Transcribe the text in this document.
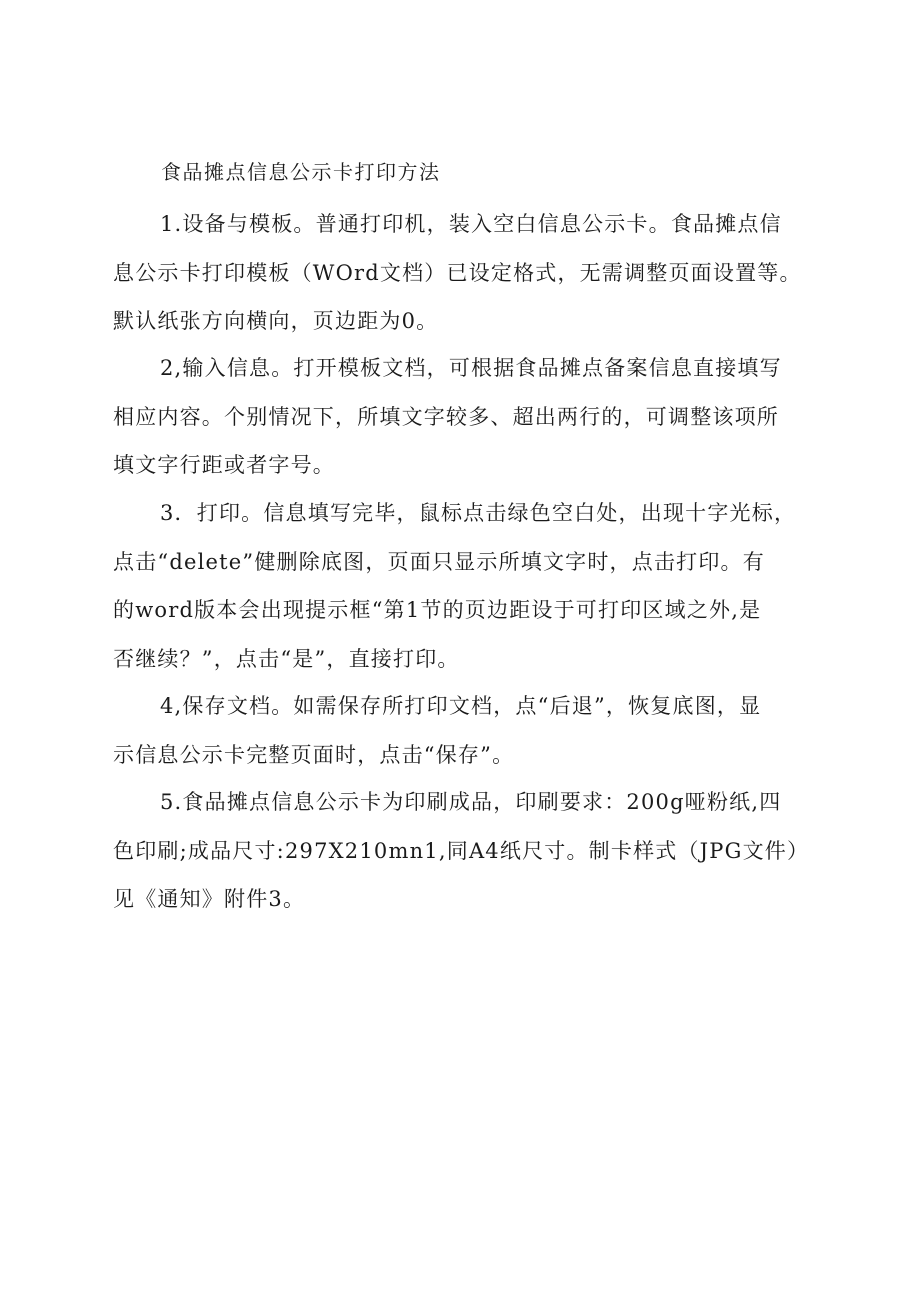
食品摊点信息公示卡打印方法
1.设备与模板。普通打印机，装入空白信息公示卡。食品摊点信
息公示卡打印模板（WOrd文档）已设定格式，无需调整页面设置等。
默认纸张方向横向，页边距为0。
2,输入信息。打开模板文档，可根据食品摊点备案信息直接填写
相应内容。个别情况下，所填文字较多、超出两行的，可调整该项所
填文字行距或者字号。
3．打印。信息填写完毕，鼠标点击绿色空白处，出现十字光标，
点击“delete”健删除底图，页面只显示所填文字时，点击打印。有
的word版本会出现提示框“第1节的页边距设于可打印区域之外,是
否继续？”，点击“是”，直接打印。
4,保存文档。如需保存所打印文档，点“后退”，恢复底图，显
示信息公示卡完整页面时，点击“保存”。
5.食品摊点信息公示卡为印刷成品，印刷要求：200g哑粉纸,四
色印刷;成品尺寸:297X210mn1,同A4纸尺寸。制卡样式（JPG文件）
见《通知》附件3。
